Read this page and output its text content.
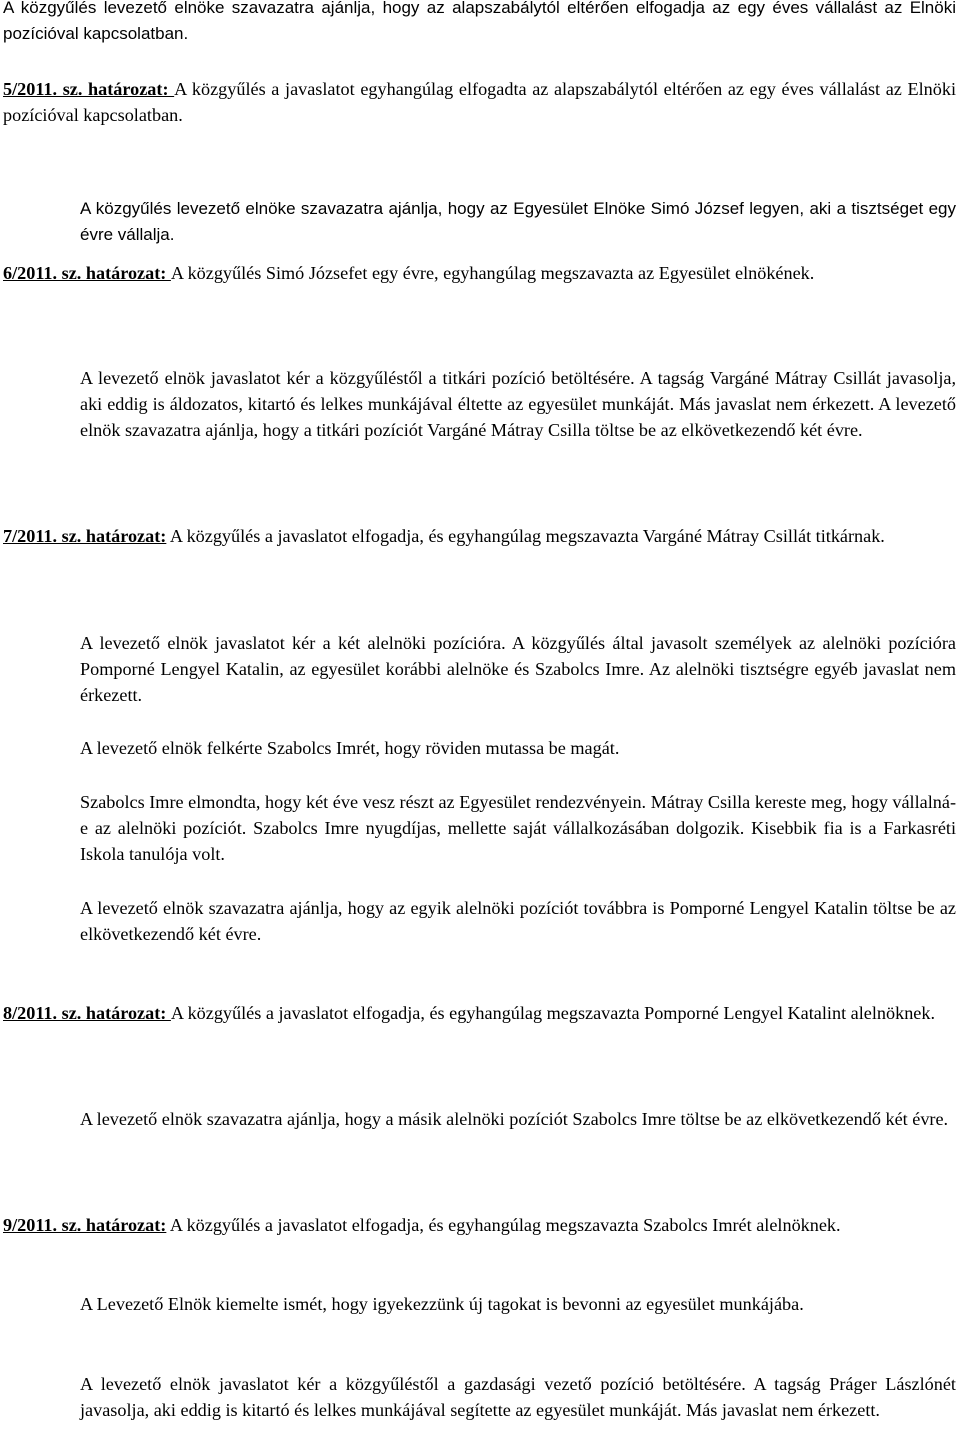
A közgyűlés levezető elnöke szavazatra ajánlja, hogy az alapszabálytól eltérően elfogadja az egy éves vállalást az Elnöki pozícióval kapcsolatban.

5/2011. sz. határozat: A közgyűlés a javaslatot egyhangúlag elfogadta az alapszabálytól eltérően az egy éves vállalást az Elnöki pozícióval kapcsolatban.

A közgyűlés levezető elnöke szavazatra ajánlja, hogy az Egyesület Elnöke Simó József legyen, aki a tisztséget egy évre vállalja.

6/2011. sz. határozat: A közgyűlés Simó Józsefet egy évre, egyhangúlag megszavazta az Egyesület elnökének.

A levezető elnök javaslatot kér a közgyűléstől a titkári pozíció betöltésére. A tagság Vargáné Mátray Csillát javasolja, aki eddig is áldozatos, kitartó és lelkes munkájával éltette az egyesület munkáját. Más javaslat nem érkezett. A levezető elnök szavazatra ajánlja, hogy a titkári pozíciót Vargáné Mátray Csilla töltse be az elkövetkezendő két évre.

7/2011. sz. határozat: A közgyűlés a javaslatot elfogadja, és egyhangúlag megszavazta Vargáné Mátray Csillát titkárnak.

A levezető elnök javaslatot kér a két alelnöki pozícióra. A közgyűlés által javasolt személyek az alelnöki pozícióra Pomporné Lengyel Katalin, az egyesület korábbi alelnöke és Szabolcs Imre. Az alelnöki tisztségre egyéb javaslat nem érkezett.

A levezető elnök felkérte Szabolcs Imrét, hogy röviden mutassa be magát.

Szabolcs Imre elmondta, hogy két éve vesz részt az Egyesület rendezvényein. Mátray Csilla kereste meg, hogy vállalná-e az alelnöki pozíciót. Szabolcs Imre nyugdíjas, mellette saját vállalkozásában dolgozik. Kisebbik fia is a Farkasréti Iskola tanulója volt.

A levezető elnök szavazatra ajánlja, hogy az egyik alelnöki pozíciót továbbra is Pomporné Lengyel Katalin töltse be az elkövetkezendő két évre.

8/2011. sz. határozat: A közgyűlés a javaslatot elfogadja, és egyhangúlag megszavazta Pomporné Lengyel Katalint alelnöknek.

A levezető elnök szavazatra ajánlja, hogy a másik alelnöki pozíciót Szabolcs Imre töltse be az elkövetkezendő két évre.

9/2011. sz. határozat: A közgyűlés a javaslatot elfogadja, és egyhangúlag megszavazta Szabolcs Imrét alelnöknek.

A Levezető Elnök kiemelte ismét, hogy igyekezzünk új tagokat is bevonni az egyesület munkájába.

A levezető elnök javaslatot kér a közgyűléstől a gazdasági vezető pozíció betöltésére. A tagság Práger Lászlónét javasolja, aki eddig is kitartó és lelkes munkájával segítette az egyesület munkáját. Más javaslat nem érkezett.
